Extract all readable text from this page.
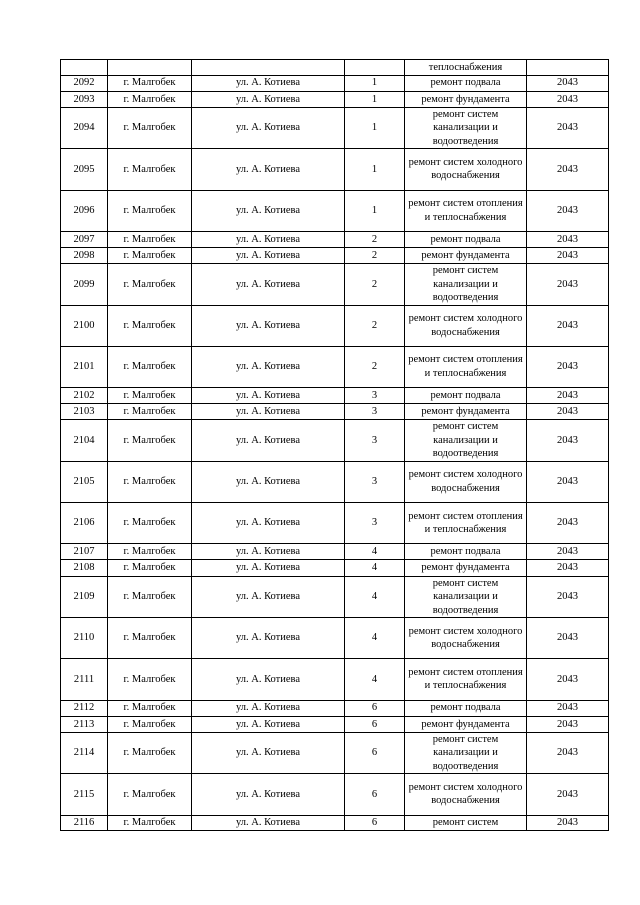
				теплоснабжения	
2092	г. Малгобек	ул. А. Котиева	1	ремонт подвала	2043
2093	г. Малгобек	ул. А. Котиева	1	ремонт фундамента	2043
2094	г. Малгобек	ул. А. Котиева	1	ремонт систем канализации и водоотведения	2043
2095	г. Малгобек	ул. А. Котиева	1	ремонт систем холодного водоснабжения	2043
2096	г. Малгобек	ул. А. Котиева	1	ремонт систем отопления и теплоснабжения	2043
2097	г. Малгобек	ул. А. Котиева	2	ремонт подвала	2043
2098	г. Малгобек	ул. А. Котиева	2	ремонт фундамента	2043
2099	г. Малгобек	ул. А. Котиева	2	ремонт систем канализации и водоотведения	2043
2100	г. Малгобек	ул. А. Котиева	2	ремонт систем холодного водоснабжения	2043
2101	г. Малгобек	ул. А. Котиева	2	ремонт систем отопления и теплоснабжения	2043
2102	г. Малгобек	ул. А. Котиева	3	ремонт подвала	2043
2103	г. Малгобек	ул. А. Котиева	3	ремонт фундамента	2043
2104	г. Малгобек	ул. А. Котиева	3	ремонт систем канализации и водоотведения	2043
2105	г. Малгобек	ул. А. Котиева	3	ремонт систем холодного водоснабжения	2043
2106	г. Малгобек	ул. А. Котиева	3	ремонт систем отопления и теплоснабжения	2043
2107	г. Малгобек	ул. А. Котиева	4	ремонт подвала	2043
2108	г. Малгобек	ул. А. Котиева	4	ремонт фундамента	2043
2109	г. Малгобек	ул. А. Котиева	4	ремонт систем канализации и водоотведения	2043
2110	г. Малгобек	ул. А. Котиева	4	ремонт систем холодного водоснабжения	2043
2111	г. Малгобек	ул. А. Котиева	4	ремонт систем отопления и теплоснабжения	2043
2112	г. Малгобек	ул. А. Котиева	6	ремонт подвала	2043
2113	г. Малгобек	ул. А. Котиева	6	ремонт фундамента	2043
2114	г. Малгобек	ул. А. Котиева	6	ремонт систем канализации и водоотведения	2043
2115	г. Малгобек	ул. А. Котиева	6	ремонт систем холодного водоснабжения	2043
2116	г. Малгобек	ул. А. Котиева	6	ремонт систем	2043
